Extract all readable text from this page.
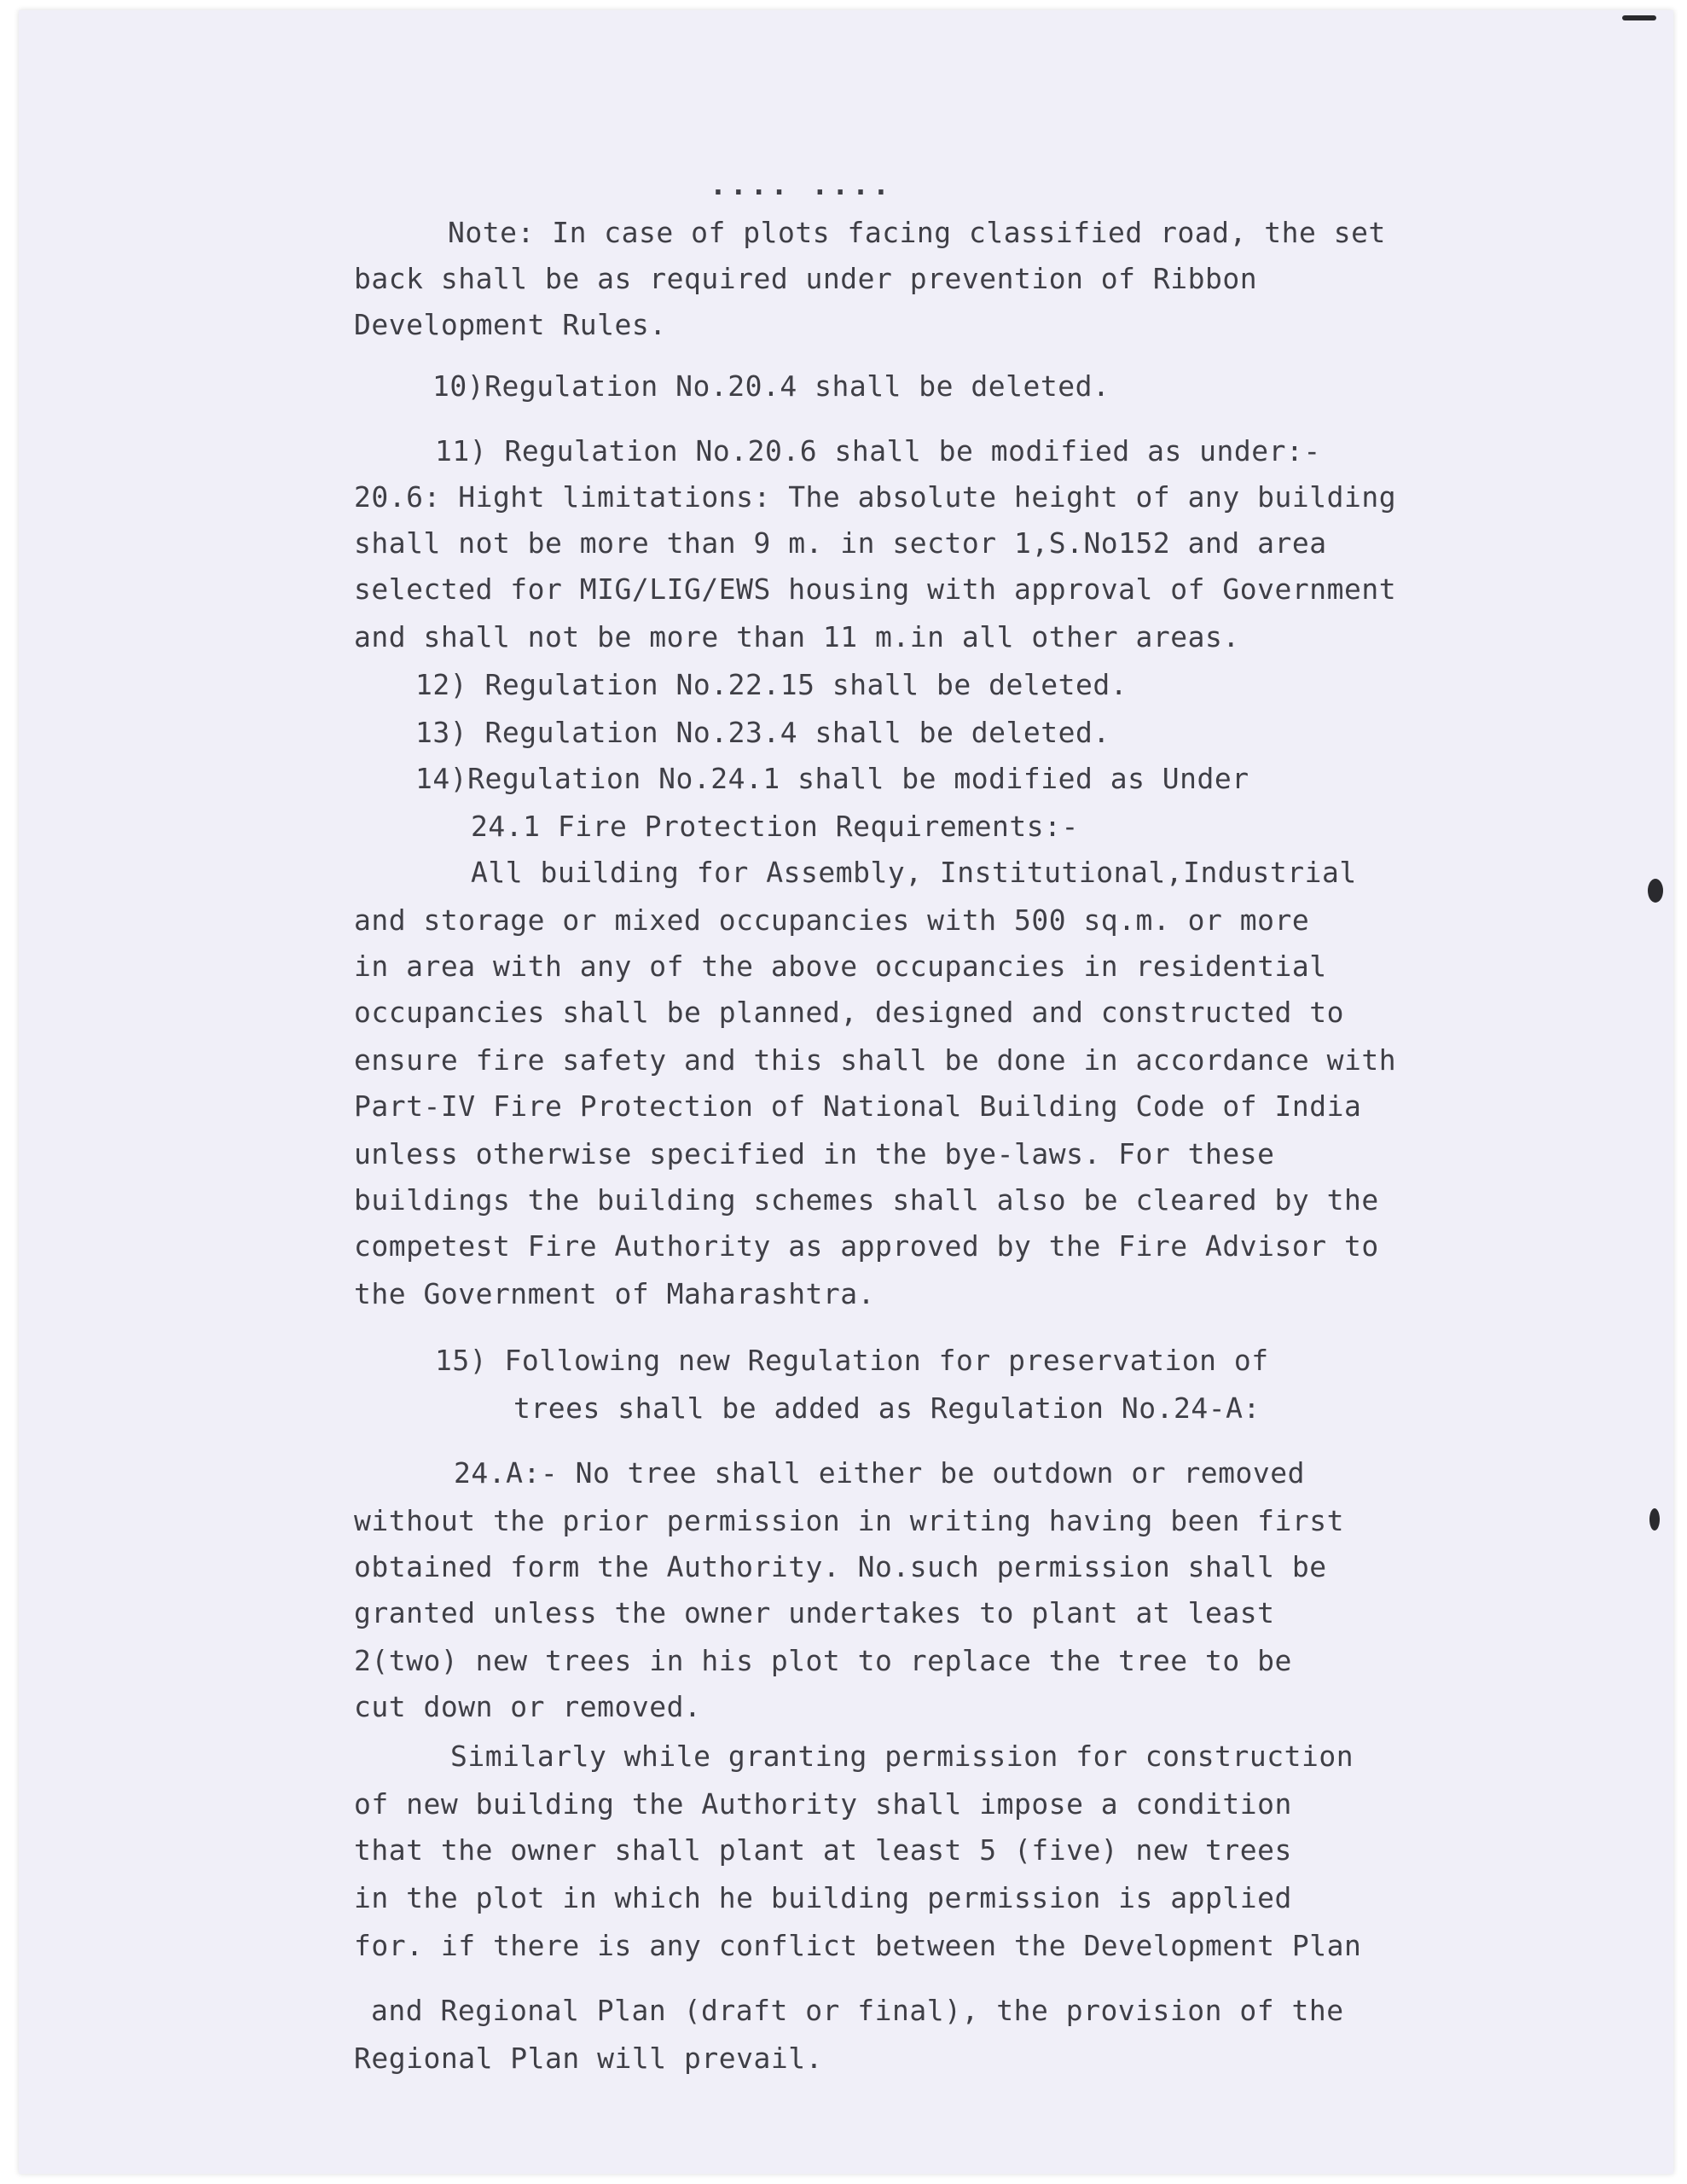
.... ....

Note: In case of plots facing classified road, the set

back shall be as required under prevention of Ribbon

Development Rules.

10)Regulation No.20.4 shall be deleted.

11) Regulation No.20.6 shall be modified as under:-

20.6: Hight limitations: The absolute height of any building

shall not be more than 9 m. in sector 1,S.No152 and area

selected for MIG/LIG/EWS housing with approval of Government

and shall not be more than 11 m.in all other areas.

12) Regulation No.22.15 shall be deleted.

13) Regulation No.23.4 shall be deleted.

14)Regulation No.24.1 shall be modified as Under

24.1 Fire Protection Requirements:-

All building for Assembly, Institutional,Industrial

and storage or mixed occupancies with 500 sq.m. or more

in area with any of the above occupancies in residential

occupancies shall be planned, designed and constructed to

ensure fire safety and this shall be done in accordance with

Part-IV Fire Protection of National Building Code of India

unless otherwise specified in the bye-laws. For these

buildings the building schemes shall also be cleared by the

competest Fire Authority as approved by the Fire Advisor to

the Government of Maharashtra.

15) Following new Regulation for preservation of

trees shall be added as Regulation No.24-A:

24.A:- No tree shall either be outdown or removed

without the prior permission in writing having been first

obtained form the Authority. No.such permission shall be

granted unless the owner undertakes to plant at least

2(two) new trees in his plot to replace the tree to be

cut down or removed.

Similarly while granting permission for construction

of new building the Authority shall impose a condition

that the owner shall plant at least 5 (five) new trees

in the plot in which he building permission is applied

for. if there is any conflict between the Development Plan

and Regional Plan (draft or final), the provision of the

Regional Plan will prevail.
